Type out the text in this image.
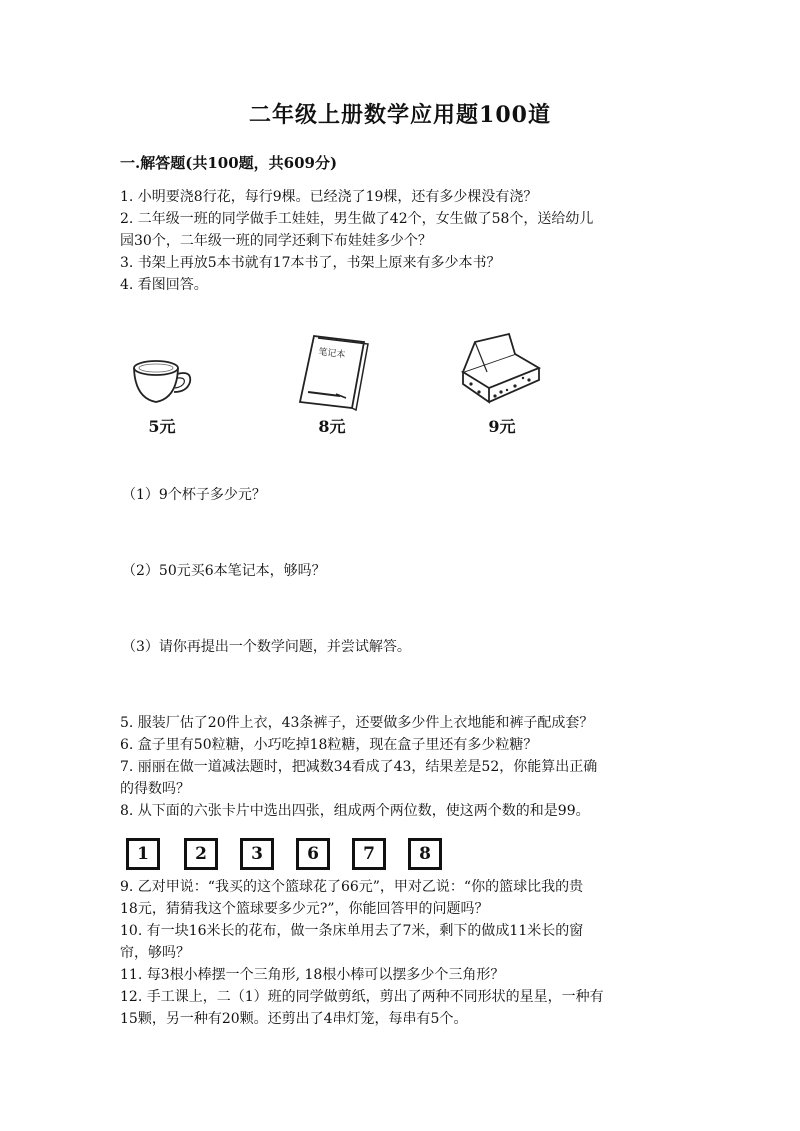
二年级上册数学应用题100道
一.解答题(共100题，共609分)
1. 小明要浇8行花，每行9棵。已经浇了19棵，还有多少棵没有浇？
2. 二年级一班的同学做手工娃娃，男生做了42个，女生做了58个，送给幼儿
园30个，二年级一班的同学还剩下布娃娃多少个？
3. 书架上再放5本书就有17本书了，书架上原来有多少本书？
4. 看图回答。
5元
笔记本
8元	9元
（1）9个杯子多少元？
（2）50元买6本笔记本，够吗？
（3）请你再提出一个数学问题，并尝试解答。
5. 服装厂估了20件上衣，43条裤子，还要做多少件上衣地能和裤子配成套？
6. 盒子里有50粒糖，小巧吃掉18粒糖，现在盒子里还有多少粒糖？
7. 丽丽在做一道减法题时，把减数34看成了43，结果差是52，你能算出正确
的得数吗？
8. 从下面的六张卡片中选出四张，组成两个两位数，使这两个数的和是99。
1	2	3	6	7	8
9. 乙对甲说：“我买的这个篮球花了66元”，甲对乙说：“你的篮球比我的贵
18元，猜猜我这个篮球要多少元?”，你能回答甲的问题吗？
10. 有一块16米长的花布，做一条床单用去了7米，剩下的做成11米长的窗
帘，够吗？
11. 每3根小棒摆一个三角形, 18根小棒可以摆多少个三角形？
12. 手工课上，二（1）班的同学做剪纸，剪出了两种不同形状的星星，一种有
15颗，另一种有20颗。还剪出了4串灯笼，每串有5个。
